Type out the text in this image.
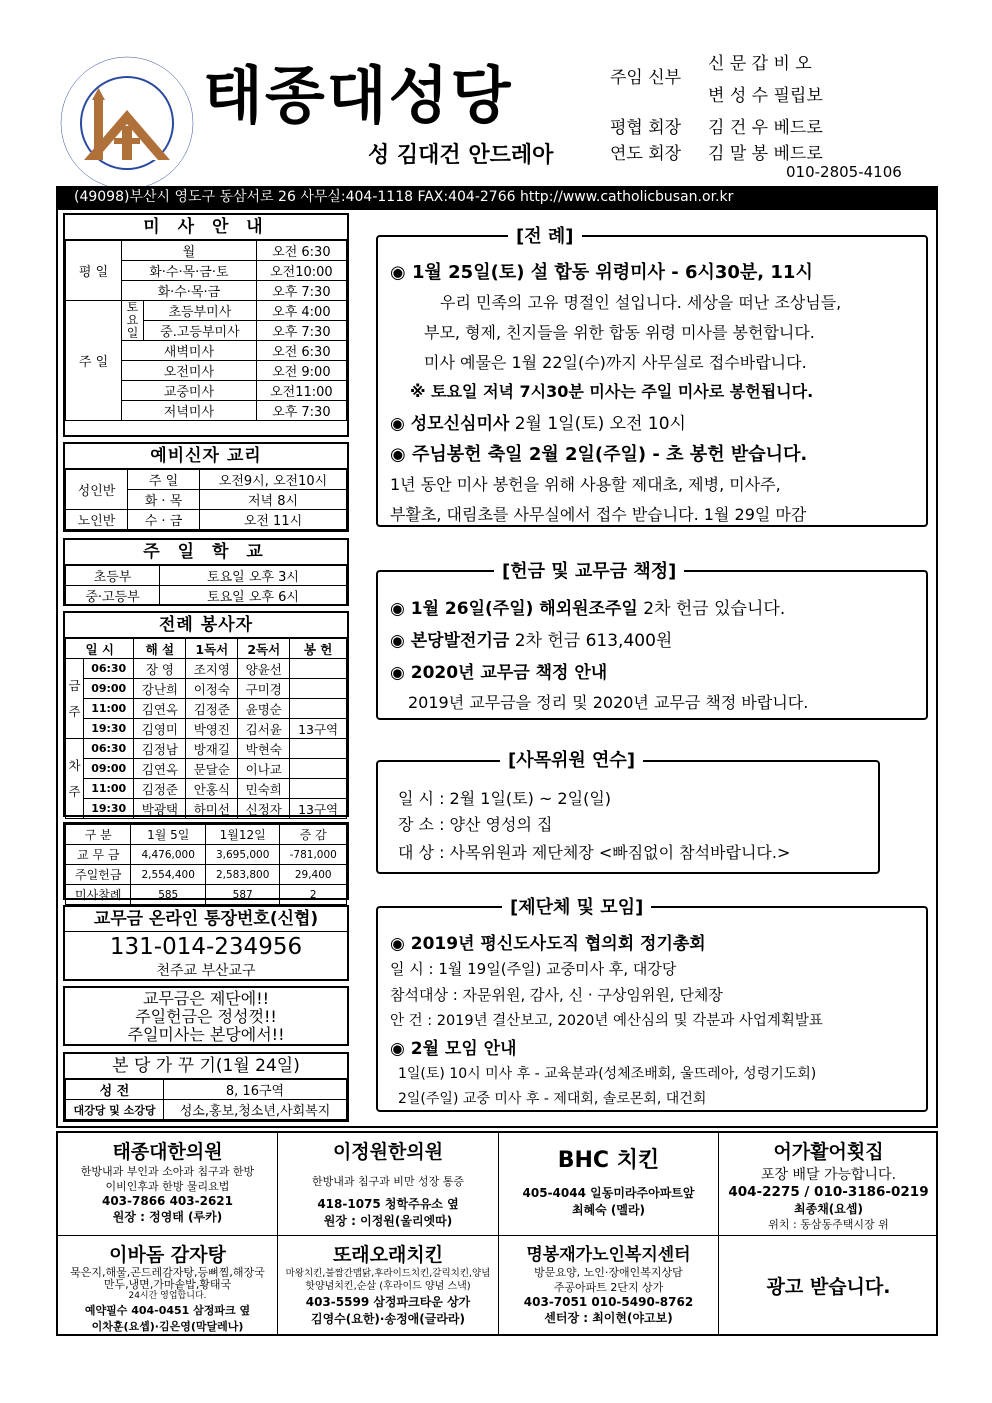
태종대성당
성 김대건 안드레아
주임 신부
신 문 갑 비 오
변 성 수 필립보
평협 회장 김 건 우 베드로
연도 회장 김 말 봉 베드로
010-2805-4106
(49098)부산시 영도구 동삼서로 26 사무실:404-1118 FAX:404-2766 http://www.catholicbusan.or.kr
미 사 안 내
평 일	월		오전 6:30
	화·수·목·금·토		오전10:00
	화·수·목·금		오후 7:30
주 일	토 요 일	초등부미사	오후 4:00
		중.고등부미사	오후 7:30
	새벽미사		오전 6:30
	오전미사		오전 9:00
	교중미사		오전11:00
	저녁미사		오후 7:30
예비신자 교리
성인반	주 일	오전9시, 오전10시
	화 · 목	저녁 8시
노인반	수 · 금	오전 11시
주 일 학 교
초등부	토요일 오후 3시
중·고등부	토요일 오후 6시
전례 봉사자
일 시		해 설	1독서	2독서	봉 헌
금 주	06:30	장 영	조지영	양윤선	
	09:00	강난희	이정숙	구미경	
	11:00	김연옥	김정준	윤명순	
	19:30	김영미	박영진	김서윤	13구역
차 주	06:30	김정남	방재길	박현숙	
	09:00	김연옥	문달순	이나교	
	11:00	김정준	안홍식	민숙희	
	19:30	박광택	하미선	신정자	13구역
구 분	1월 5일	1월12일	증 감
교 무 금	4,476,000	3,695,000	-781,000
주일헌금	2,554,400	2,583,800	29,400
미사참례	585	587	2
교무금 온라인 통장번호(신협)
131-014-234956
천주교 부산교구
교무금은 제단에!!
주일헌금은 정성껏!!
주일미사는 본당에서!!
본 당 가 꾸 기(1월 24일)
성 전	8, 16구역
대강당 및 소강당	성소,홍보,청소년,사회복지
[전 례]
◉ 1월 25일(토) 설 합동 위령미사 - 6시30분, 11시
우리 민족의 고유 명절인 설입니다. 세상을 떠난 조상님들,
부모, 형제, 친지들을 위한 합동 위령 미사를 봉헌합니다.
미사 예물은 1월 22일(수)까지 사무실로 접수바랍니다.
※ 토요일 저녁 7시30분 미사는 주일 미사로 봉헌됩니다.
◉ 성모신심미사 2월 1일(토) 오전 10시
◉ 주님봉헌 축일 2월 2일(주일) - 초 봉헌 받습니다.
1년 동안 미사 봉헌을 위해 사용할 제대초, 제병, 미사주,
부활초, 대림초를 사무실에서 접수 받습니다. 1월 29일 마감
[헌금 및 교무금 책정]
◉ 1월 26일(주일) 해외원조주일 2차 헌금 있습니다.
◉ 본당발전기금 2차 헌금 613,400원
◉ 2020년 교무금 책정 안내
2019년 교무금을 정리 및 2020년 교무금 책정 바랍니다.
[사목위원 연수]
일 시 : 2월 1일(토) ~ 2일(일)
장 소 : 양산 영성의 집
대 상 : 사목위원과 제단체장 <빠짐없이 참석바랍니다.>
[제단체 및 모임]
◉ 2019년 평신도사도직 협의회 정기총회
일 시 : 1월 19일(주일) 교중미사 후, 대강당
참석대상 : 자문위원, 감사, 신 · 구상임위원, 단체장
안 건 : 2019년 결산보고, 2020년 예산심의 및 각분과 사업계획발표
◉ 2월 모임 안내
1일(토) 10시 미사 후 - 교육분과(성체조배회, 울뜨레아, 성령기도회)
2일(주일) 교중 미사 후 - 제대회, 솔로몬회, 대건회
태종대한의원
한방내과 부인과 소아과 침구과 한방
이비인후과 한방 물리요법
403-7866 403-2621
원장 : 정영태 (루카)
이정원한의원
한방내과 침구과 비만 성장 통증
418-1075 청학주유소 옆
원장 : 이정원(울리엣따)
BHC 치킨
405-4044 일동미라주아파트앞
최혜숙 (멜라)
어가활어횟집
포장 배달 가능합니다.
404-2275 / 010-3186-0219
최종채(요셉)
위치 : 동삼동주택시장 위
이바돔 감자탕
묵은지,해물,곤드레감자탕,등뼈찜,해장국
만두,냉면,가마솥밥,황태국
24시간 영업합니다.
예약필수 404-0451 삼정파크 옆
이차훈(요셉)·김은영(막달레나)
또래오래치킨
마왕치킨,불짬간맵닭,후라이드치킨,갈릭치킨,양념
핫양념치킨,순살 (후라이드 양념 스낵)
403-5599 삼정파크타운 상가
김영수(요한)·송정애(글라라)
명봉재가노인복지센터
방문요양, 노인·장애인복지상담
주공아파트 2단지 상가
403-7051 010-5490-8762
센터장 : 최이현(야고보)
광고 받습니다.
